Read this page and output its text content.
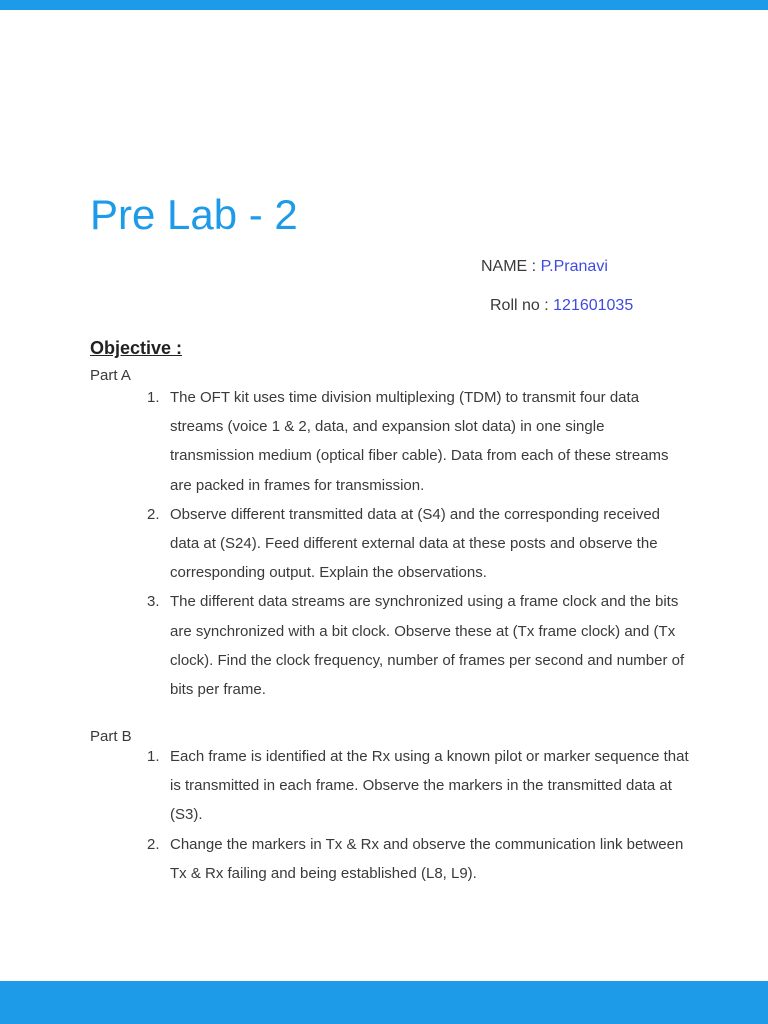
Pre Lab - 2
NAME : P.Pranavi
Roll no : 121601035
Objective :
Part A
1. The OFT kit uses time division multiplexing (TDM) to transmit four data streams (voice 1 & 2, data, and expansion slot data) in one single transmission medium (optical fiber cable). Data from each of these streams are packed in frames for transmission.
2. Observe different transmitted data at (S4) and the corresponding received data at (S24). Feed different external data at these posts and observe the corresponding output. Explain the observations.
3. The different data streams are synchronized using a frame clock and the bits are synchronized with a bit clock. Observe these at (Tx frame clock) and (Tx clock). Find the clock frequency, number of frames per second and number of bits per frame.
Part B
1. Each frame is identified at the Rx using a known pilot or marker sequence that is transmitted in each frame. Observe the markers in the transmitted data at (S3).
2. Change the markers in Tx & Rx and observe the communication link between Tx & Rx failing and being established (L8, L9).
